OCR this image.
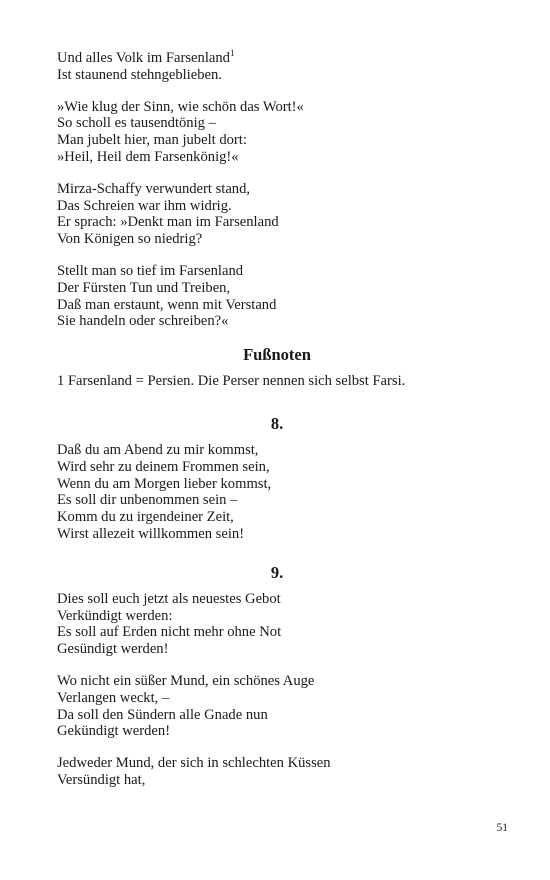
Und alles Volk im Farsenland$^1$
Ist staunend stehngeblieben.
»Wie klug der Sinn, wie schön das Wort!«
So scholl es tausendtönig –
Man jubelt hier, man jubelt dort:
»Heil, Heil dem Farsenkönig!«
Mirza-Schaffy verwundert stand,
Das Schreien war ihm widrig.
Er sprach: »Denkt man im Farsenland
Von Königen so niedrig?
Stellt man so tief im Farsenland
Der Fürsten Tun und Treiben,
Daß man erstaunt, wenn mit Verstand
Sie handeln oder schreiben?«
Fußnoten
1 Farsenland = Persien. Die Perser nennen sich selbst Farsi.
8.
Daß du am Abend zu mir kommst,
Wird sehr zu deinem Frommen sein,
Wenn du am Morgen lieber kommst,
Es soll dir unbenommen sein –
Komm du zu irgendeiner Zeit,
Wirst allezeit willkommen sein!
9.
Dies soll euch jetzt als neuestes Gebot
Verkündigt werden:
Es soll auf Erden nicht mehr ohne Not
Gesündigt werden!
Wo nicht ein süßer Mund, ein schönes Auge
Verlangen weckt, –
Da soll den Sündern alle Gnade nun
Gekündigt werden!
Jedweder Mund, der sich in schlechten Küssen
Versündigt hat,
51
